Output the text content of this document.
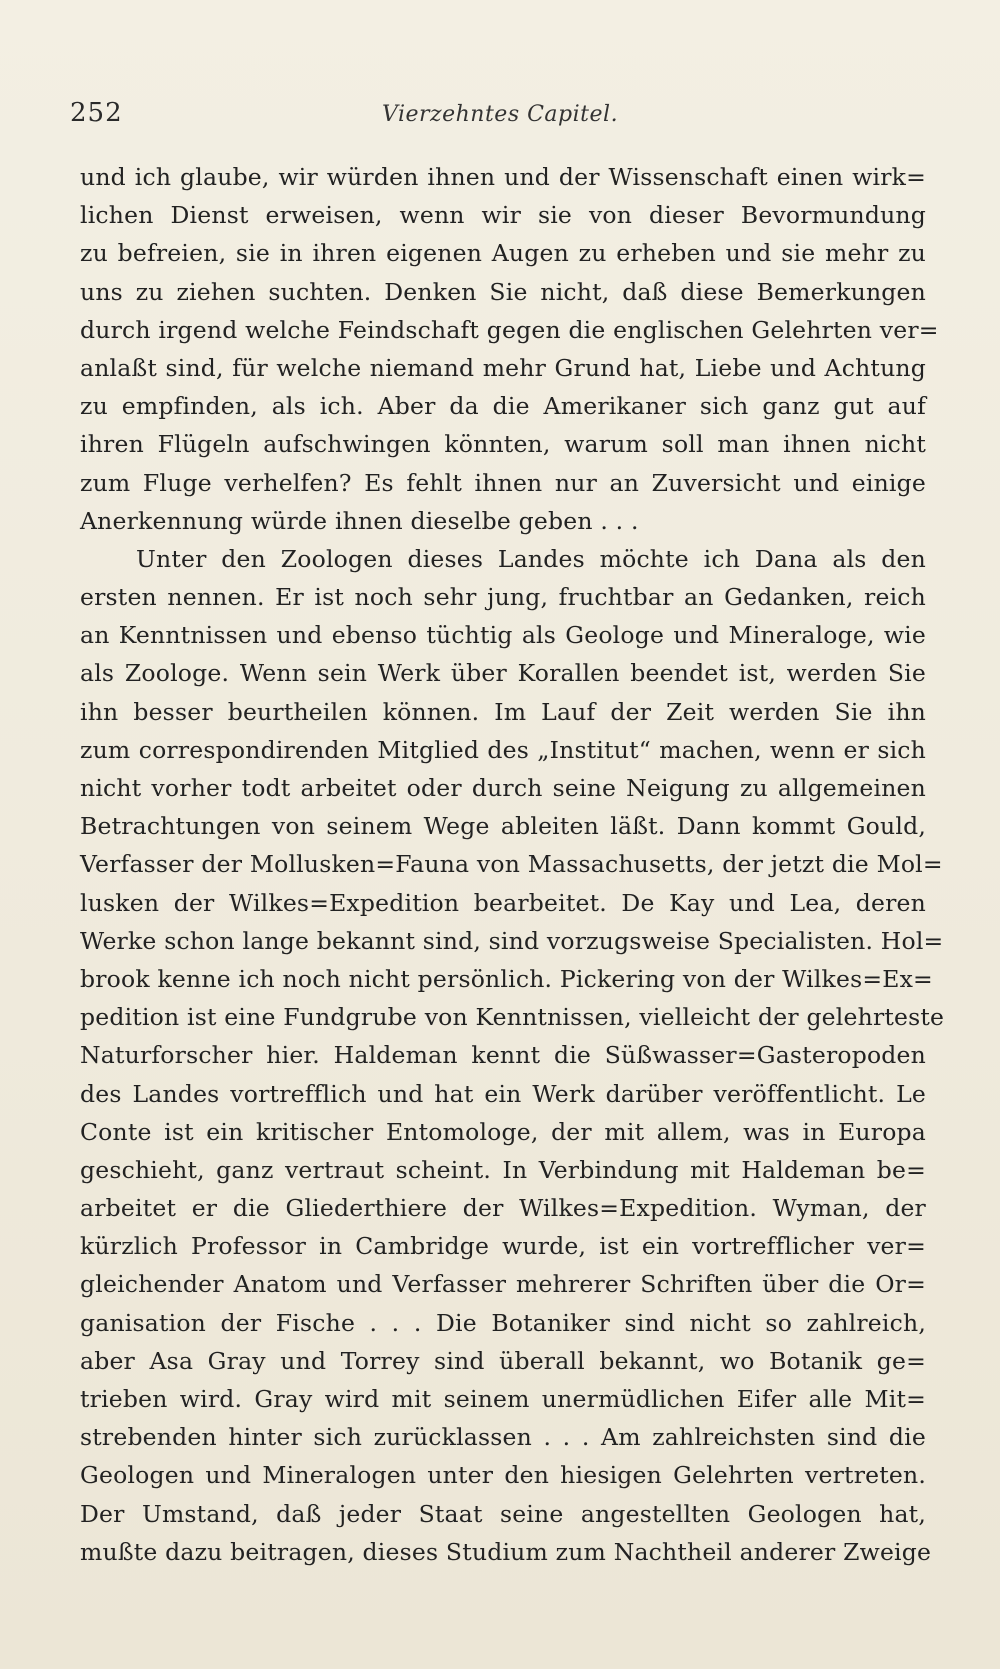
252	Vierzehntes Capitel.
und ich glaube, wir würden ihnen und der Wissenschaft einen wirk=
lichen Dienst erweisen, wenn wir sie von dieser Bevormundung
zu befreien, sie in ihren eigenen Augen zu erheben und sie mehr zu
uns zu ziehen suchten. Denken Sie nicht, daß diese Bemerkungen
durch irgend welche Feindschaft gegen die englischen Gelehrten ver=
anlaßt sind, für welche niemand mehr Grund hat, Liebe und Achtung
zu empfinden, als ich. Aber da die Amerikaner sich ganz gut auf
ihren Flügeln aufschwingen könnten, warum soll man ihnen nicht
zum Fluge verhelfen? Es fehlt ihnen nur an Zuversicht und einige
Anerkennung würde ihnen dieselbe geben . . .
Unter den Zoologen dieses Landes möchte ich Dana als den
ersten nennen. Er ist noch sehr jung, fruchtbar an Gedanken, reich
an Kenntnissen und ebenso tüchtig als Geologe und Mineraloge, wie
als Zoologe. Wenn sein Werk über Korallen beendet ist, werden Sie
ihn besser beurtheilen können. Im Lauf der Zeit werden Sie ihn
zum correspondirenden Mitglied des „Institut“ machen, wenn er sich
nicht vorher todt arbeitet oder durch seine Neigung zu allgemeinen
Betrachtungen von seinem Wege ableiten läßt. Dann kommt Gould,
Verfasser der Mollusken=Fauna von Massachusetts, der jetzt die Mol=
lusken der Wilkes=Expedition bearbeitet. De Kay und Lea, deren
Werke schon lange bekannt sind, sind vorzugsweise Specialisten. Hol=
brook kenne ich noch nicht persönlich. Pickering von der Wilkes=Ex=
pedition ist eine Fundgrube von Kenntnissen, vielleicht der gelehrteste
Naturforscher hier. Haldeman kennt die Süßwasser=Gasteropoden
des Landes vortrefflich und hat ein Werk darüber veröffentlicht. Le
Conte ist ein kritischer Entomologe, der mit allem, was in Europa
geschieht, ganz vertraut scheint. In Verbindung mit Haldeman be=
arbeitet er die Gliederthiere der Wilkes=Expedition. Wyman, der
kürzlich Professor in Cambridge wurde, ist ein vortrefflicher ver=
gleichender Anatom und Verfasser mehrerer Schriften über die Or=
ganisation der Fische . . . Die Botaniker sind nicht so zahlreich,
aber Asa Gray und Torrey sind überall bekannt, wo Botanik ge=
trieben wird. Gray wird mit seinem unermüdlichen Eifer alle Mit=
strebenden hinter sich zurücklassen . . . Am zahlreichsten sind die
Geologen und Mineralogen unter den hiesigen Gelehrten vertreten.
Der Umstand, daß jeder Staat seine angestellten Geologen hat,
mußte dazu beitragen, dieses Studium zum Nachtheil anderer Zweige
